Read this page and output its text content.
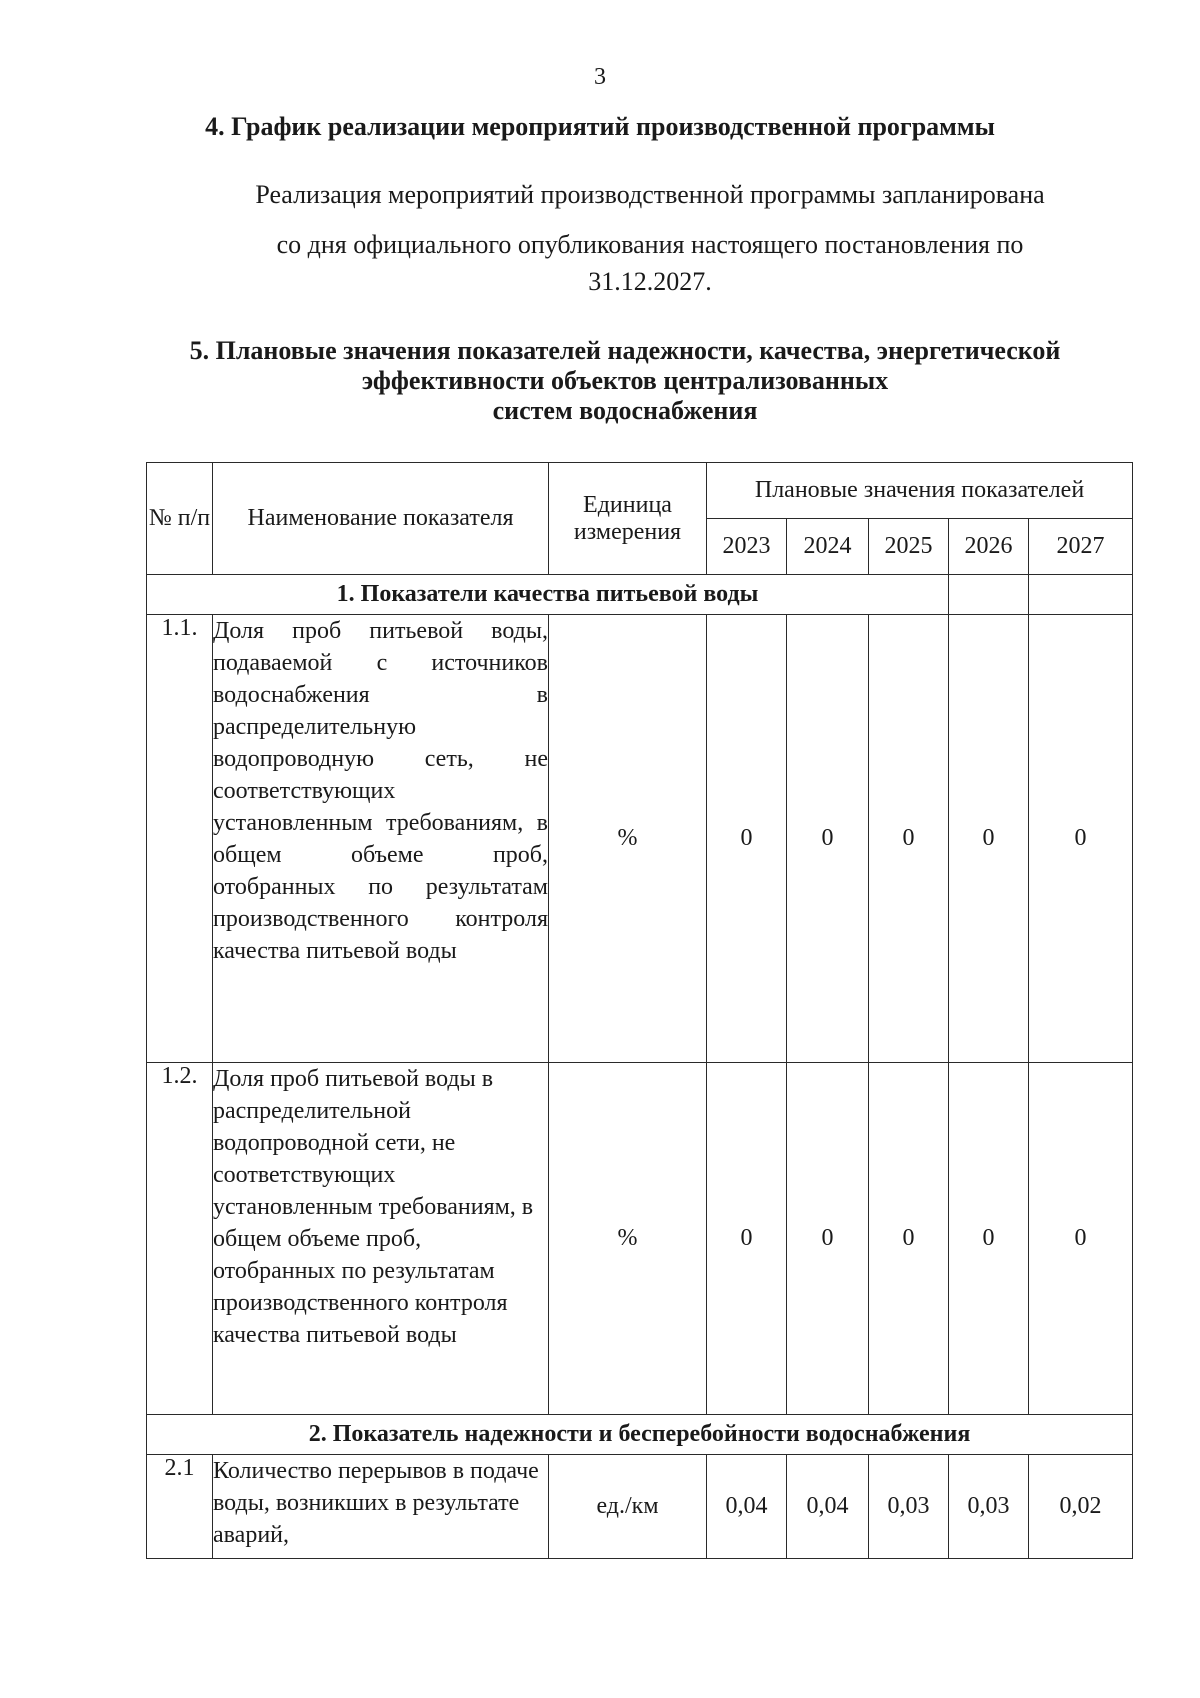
3
4. График реализации мероприятий производственной программы
Реализация мероприятий производственной программы запланирована
со дня официального опубликования настоящего постановления по
31.12.2027.
5. Плановые значения показателей надежности, качества, энергетической
эффективности объектов централизованных
систем водоснабжения
№ п/п	Наименование показателя	Единица измерения	Плановые значения показателей				
			2023	2024	2025	2026	2027
1. Показатели качества питьевой воды							
1.1.	Доля проб питьевой воды, подаваемой с источников водоснабжения в распределительную водопроводную сеть, не соответствующих установленным требованиям, в общем объеме проб, отобранных по результатам производственного контроля качества питьевой воды	%	0	0	0	0	0
1.2.	Доля проб питьевой воды в распределительной водопроводной сети, не соответствующих установленным требованиям, в общем объеме проб, отобранных по результатам производственного контроля качества питьевой воды	%	0	0	0	0	0
2. Показатель надежности и бесперебойности водоснабжения							
2.1	Количество перерывов в подаче воды, возникших в результате аварий,	ед./км	0,04	0,04	0,03	0,03	0,02
